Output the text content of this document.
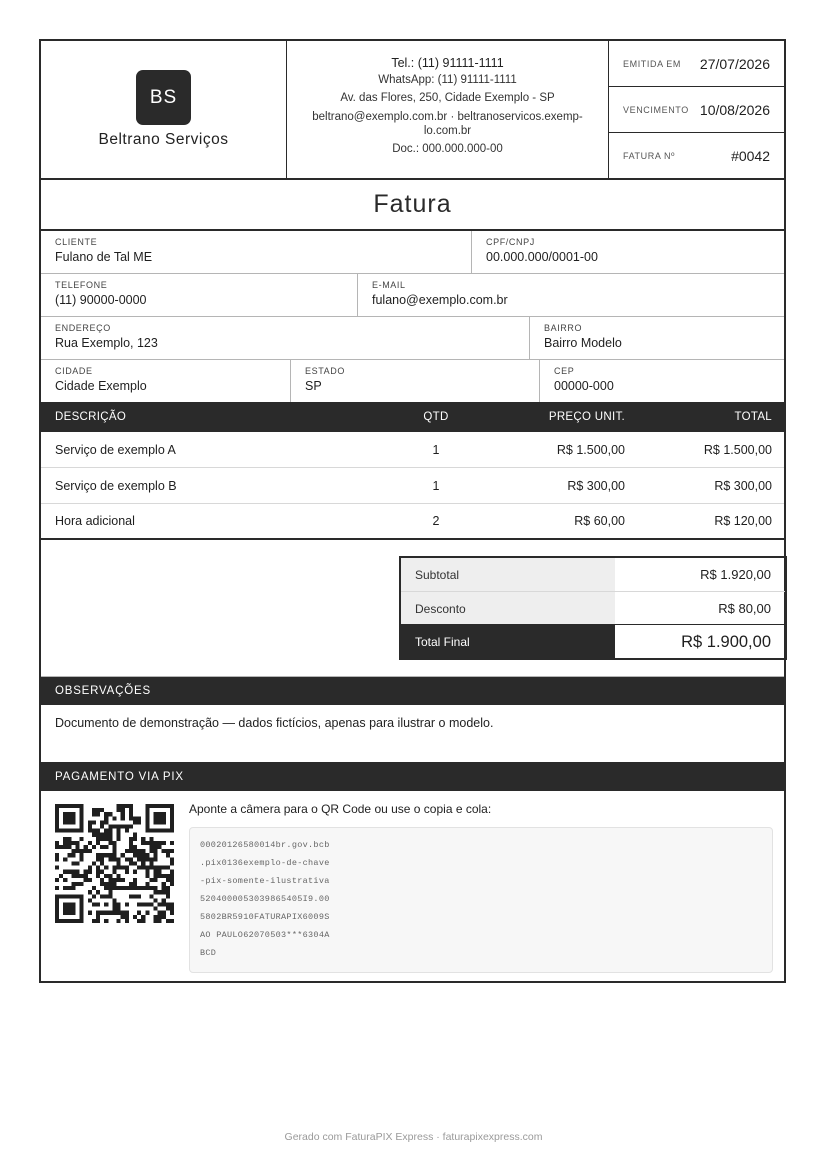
BS
Beltrano Serviços
Tel.: (11) 91111-1111
WhatsApp: (11) 91111-1111
Av. das Flores, 250, Cidade Exemplo - SP
beltrano@exemplo.com.br · beltranoservicos.exemp-
lo.com.br
Doc.: 000.000.000-00
EMITIDA EM 27/07/2026
VENCIMENTO 10/08/2026
FATURA Nº	#0042
Fatura
CLIENTE
Fulano de Tal ME
CPF/CNPJ
00.000.000/0001-00
TELEFONE
(11) 90000-0000
E-MAIL
fulano@exemplo.com.br
ENDEREÇO
Rua Exemplo, 123
BAIRRO
Bairro Modelo
CIDADE
Cidade Exemplo
ESTADO
SP
CEP
00000-000
DESCRIÇÃO	QTD	PREÇO UNIT.	TOTAL
Serviço de exemplo A	1	R$ 1.500,00	R$ 1.500,00
Serviço de exemplo B	1	R$ 300,00	R$ 300,00
Hora adicional	2	R$ 60,00	R$ 120,00
Subtotal	R$ 1.920,00
Desconto	R$ 80,00
Total Final	R$ 1.900,00
OBSERVAÇÕES
Documento de demonstração — dados fictícios, apenas para ilustrar o modelo.
PAGAMENTO VIA PIX
Aponte a câmera para o QR Code ou use o copia e cola:
00020126580014br.gov.bcb
.pix0136exemplo-de-chave
-pix-somente-ilustrativa
5204000053039865405I9.00
5802BR5910FATURAPIX6009S
AO PAULO62070503***6304A
BCD
Gerado com FaturaPIX Express · faturapixexpress.com
